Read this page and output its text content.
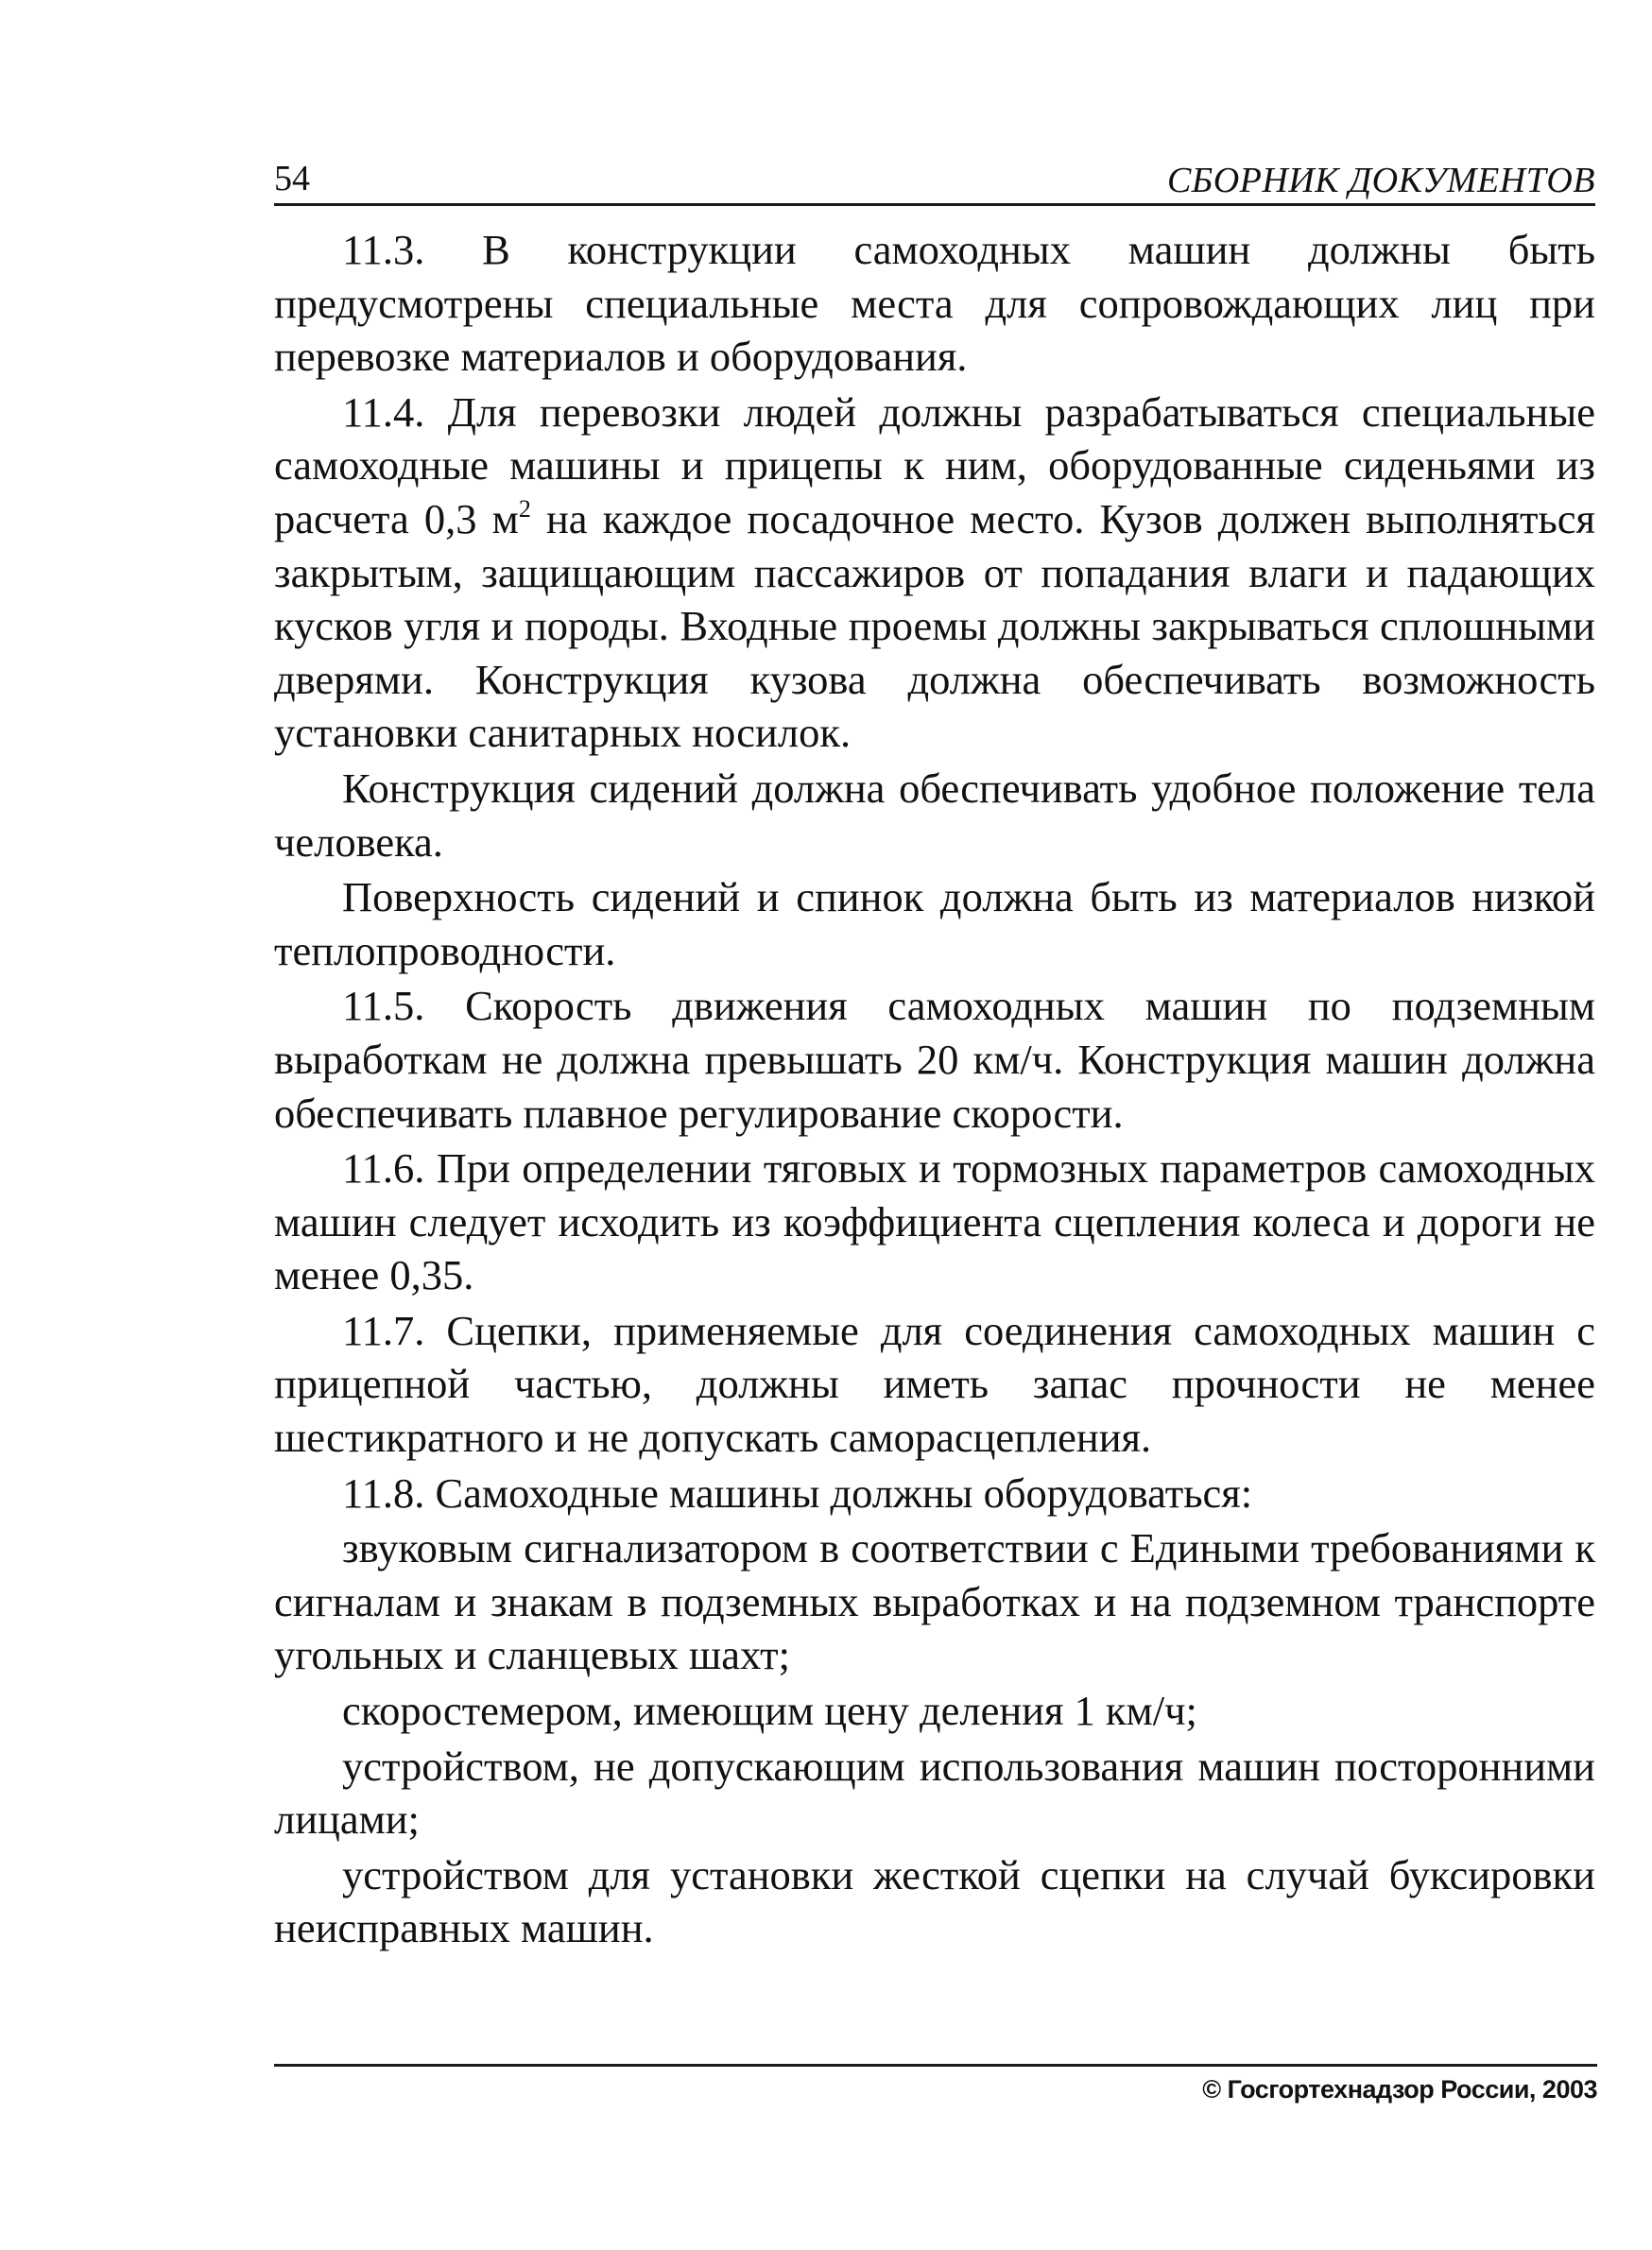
54	СБОРНИК ДОКУМЕНТОВ

11.3. В конструкции самоходных машин должны быть предусмотрены специальные места для сопровождающих лиц при перевозке материалов и оборудования.

11.4. Для перевозки людей должны разрабатываться специальные самоходные машины и прицепы к ним, оборудованные сиденьями из расчета 0,3 $м^2$ на каждое посадочное место. Кузов должен выполняться закрытым, защищающим пассажиров от попадания влаги и падающих кусков угля и породы. Входные проемы должны закрываться сплошными дверями. Конструкция кузова должна обеспечивать возможность установки санитарных носилок.

Конструкция сидений должна обеспечивать удобное положение тела человека.

Поверхность сидений и спинок должна быть из материалов низкой теплопроводности.

11.5. Скорость движения самоходных машин по подземным выработкам не должна превышать 20 км/ч. Конструкция машин должна обеспечивать плавное регулирование скорости.

11.6. При определении тяговых и тормозных параметров самоходных машин следует исходить из коэффициента сцепления колеса и дороги не менее 0,35.

11.7. Сцепки, применяемые для соединения самоходных машин с прицепной частью, должны иметь запас прочности не менее шестикратного и не допускать саморасцепления.

11.8. Самоходные машины должны оборудоваться:

звуковым сигнализатором в соответствии с Едиными требованиями к сигналам и знакам в подземных выработках и на подземном транспорте угольных и сланцевых шахт;

скоростемером, имеющим цену деления 1 км/ч;

устройством, не допускающим использования машин посторонними лицами;

устройством для установки жесткой сцепки на случай буксировки неисправных машин.

© Госгортехнадзор России, 2003
